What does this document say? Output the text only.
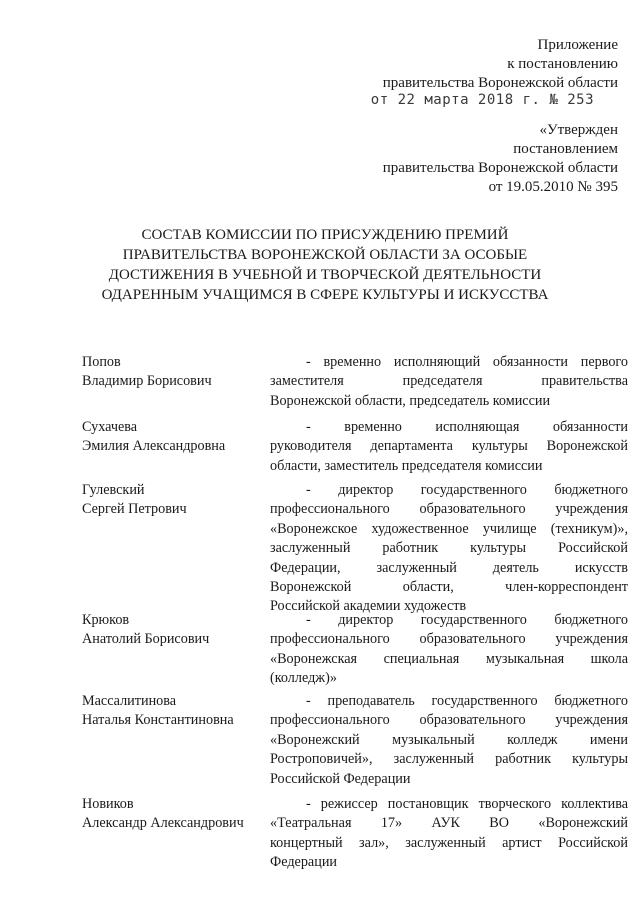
Приложение
к постановлению
правительства Воронежской области
от 22 марта 2018 г. № 253
«Утвержден
постановлением
правительства Воронежской области
от 19.05.2010 № 395
СОСТАВ КОМИССИИ ПО ПРИСУЖДЕНИЮ ПРЕМИЙ
ПРАВИТЕЛЬСТВА ВОРОНЕЖСКОЙ ОБЛАСТИ ЗА ОСОБЫЕ
ДОСТИЖЕНИЯ В УЧЕБНОЙ И ТВОРЧЕСКОЙ ДЕЯТЕЛЬНОСТИ
ОДАРЕННЫМ УЧАЩИМСЯ В СФЕРЕ КУЛЬТУРЫ И ИСКУССТВА
Попов
Владимир Борисович
- временно исполняющий обязанности первого
заместителя председателя правительства
Воронежской области, председатель комиссии
Сухачева
Эмилия Александровна
- временно исполняющая обязанности
руководителя департамента культуры Воронежской
области, заместитель председателя комиссии
Гулевский
Сергей Петрович
- директор государственного бюджетного
профессионального образовательного учреждения
«Воронежское художественное училище (техникум)»,
заслуженный работник культуры Российской
Федерации, заслуженный деятель искусств
Воронежской области, член-корреспондент
Российской академии художеств
Крюков
Анатолий Борисович
- директор государственного бюджетного
профессионального образовательного учреждения
«Воронежская специальная музыкальная школа
(колледж)»
Массалитинова
Наталья Константиновна
- преподаватель государственного бюджетного
профессионального образовательного учреждения
«Воронежский музыкальный колледж имени
Ростроповичей», заслуженный работник культуры
Российской Федерации
Новиков
Александр Александрович
- режиссер постановщик творческого коллектива
«Театральная 17» АУК ВО «Воронежский
концертный зал», заслуженный артист Российской
Федерации
